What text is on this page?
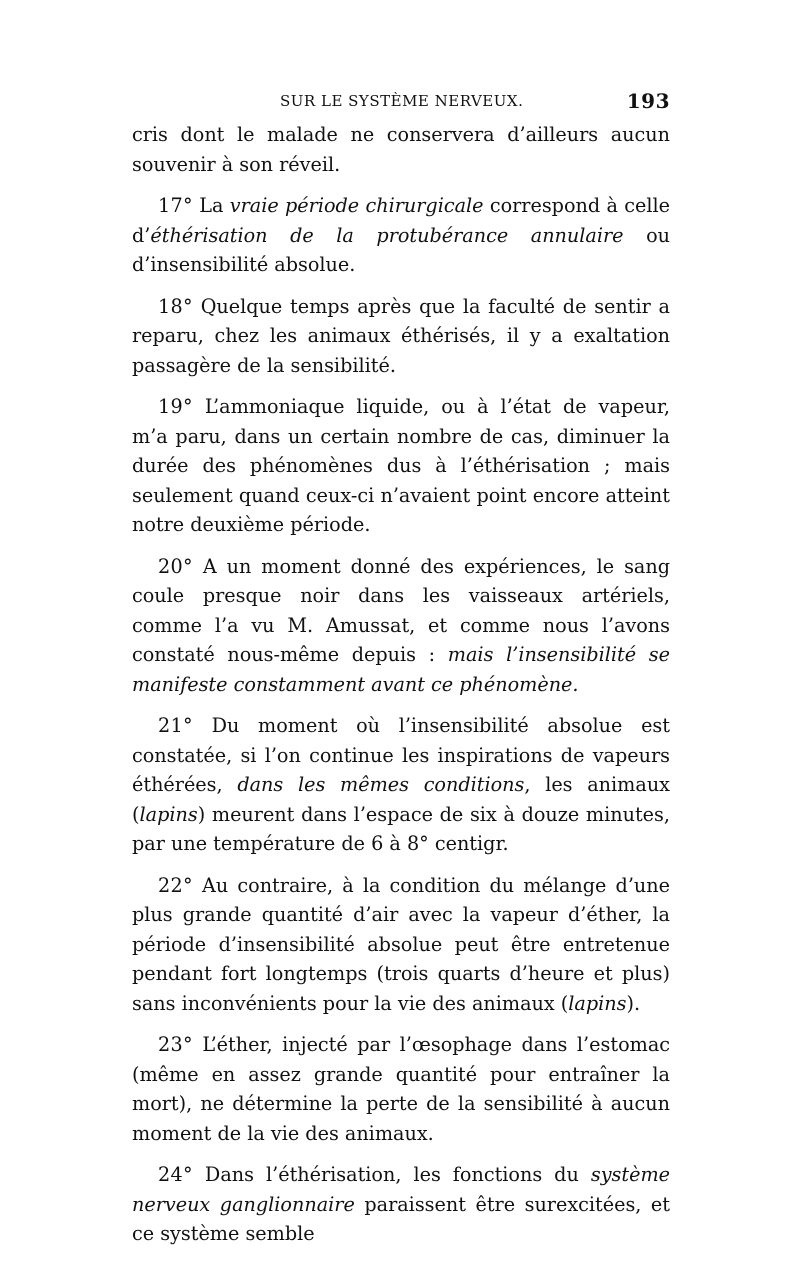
SUR LE SYSTÈME NERVEUX.	193

cris dont le malade ne conservera d’ailleurs aucun souvenir à son réveil.

17° La vraie période chirurgicale correspond à celle d’éthérisation de la protubérance annulaire ou d’insensibilité absolue.

18° Quelque temps après que la faculté de sentir a reparu, chez les animaux éthérisés, il y a exaltation passagère de la sensibilité.

19° L’ammoniaque liquide, ou à l’état de vapeur, m’a paru, dans un certain nombre de cas, diminuer la durée des phénomènes dus à l’éthérisation ; mais seulement quand ceux-ci n’avaient point encore atteint notre deuxième période.

20° A un moment donné des expériences, le sang coule presque noir dans les vaisseaux artériels, comme l’a vu M. Amussat, et comme nous l’avons constaté nous-même depuis : mais l’insensibilité se manifeste constamment avant ce phénomène.

21° Du moment où l’insensibilité absolue est constatée, si l’on continue les inspirations de vapeurs éthérées, dans les mêmes conditions, les animaux (lapins) meurent dans l’espace de six à douze minutes, par une température de 6 à 8° centigr.

22° Au contraire, à la condition du mélange d’une plus grande quantité d’air avec la vapeur d’éther, la période d’insensibilité absolue peut être entretenue pendant fort longtemps (trois quarts d’heure et plus) sans inconvénients pour la vie des animaux (lapins).

23° L’éther, injecté par l’œsophage dans l’estomac (même en assez grande quantité pour entraîner la mort), ne détermine la perte de la sensibilité à aucun moment de la vie des animaux.

24° Dans l’éthérisation, les fonctions du système nerveux ganglionnaire paraissent être surexcitées, et ce système semble
